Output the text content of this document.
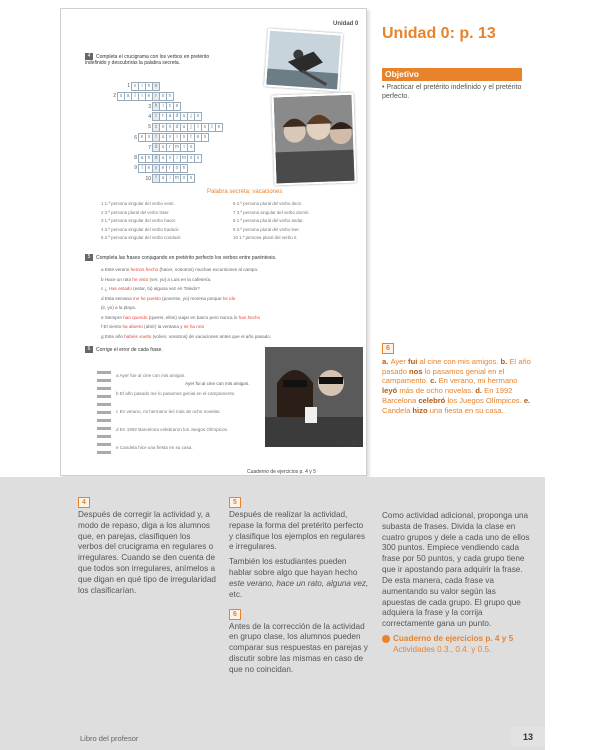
Unidad 0
4 Completa el crucigrama con los verbos en pretérito indefinido y descubrirás la palabra secreta.
1 v	i	n e
2 s a	l	i	e r o n
3 h	i	c e
4 t	r a d u	j	o
5 c o n d u	j	i	s	t e
6 e s	t u v	i	s	t e s
7 d u r m i	o
8 a n d u v	i m o s
9 l	e y e r o n
10 f u	i m o s
Palabra secreta: vacaciones
1 1.ª persona singular del verbo venir.
2 3.ª persona plural del verbo traer.
3 1.ª persona singular del verbo hacer.
4 3.ª persona singular del verbo traducir.
5 2.ª persona singular del verbo conducir.
6 2.ª persona plural del verbo decir.
7 3.ª persona singular del verbo dormir.
8 1.ª persona plural del verbo andar.
9 3.ª persona plural del verbo leer.
10 1.ª persona plural del verbo ir.
5 Completa las frases conjugando en pretérito perfecto los verbos entre paréntesis.
a Este verano hemos hecho (hacer, nosotros) muchas excursiones al campo.
b Hace un rato he visto (ver, yo) a Luis en la cafetería.
c ¿ Has estado (estar, tú) alguna vez en Toledo?
d Esta semana me he puesto (ponerse, yo) morena porque he ido
(ir, yo) a la playa.
e Siempre han querido (querer, ellos) viajar en barco pero nunca lo han hecho
f El viento ha abierto (abrir) la ventana y se ha roto
g Este año habéis vuelto (volver, vosotros) de vacaciones antes que el año pasado.
6 Corrige el error de cada frase.
Ayer fui al cine con mis amigos.
a Ayer fue al cine con mis amigos.
b El año pasado me lo pasamos genial en el campamento.
c En verano, mi hermano leó más de ocho novelas.
d En 1992 Barcelona celebraron los Juegos Olímpicos.
e Candela hice una fiesta en su casa.
Cuaderno de ejercicios p. 4 y 5
trece 13
Unidad 0: p. 13
Objetivo
• Practicar el pretérito indefinido y el pretérito perfecto.
6
a. Ayer fui al cine con mis amigos. b. El año pasado nos lo pasamos genial en el campamento. c. En verano, mi hermano leyó más de ocho novelas. d. En 1992 Barcelona celebró los Juegos Olímpicos. e. Candela hizo una fiesta en su casa.
4

Después de corregir la actividad y, a modo de repaso, diga a los alumnos que, en parejas, clasifiquen los verbos del crucigrama en regulares o irregulares. Cuando se den cuenta de que todos son irregulares, anímelos a que digan en qué tipo de irregularidad los clasificarían.

5

Después de realizar la actividad, repase la forma del pretérito perfecto y clasifique los ejemplos en regulares e irregulares.

También los estudiantes pueden hablar sobre algo que hayan hecho este verano, hace un rato, alguna vez, etc.

6

Antes de la corrección de la actividad en grupo clase, los alumnos pueden comparar sus respuestas en parejas y discutir sobre las mismas en caso de que no coincidan.

Como actividad adicional, proponga una subasta de frases. Divida la clase en cuatro grupos y dele a cada uno de ellos 300 puntos. Empiece vendiendo cada frase por 50 puntos, y cada grupo tiene que ir apostando para adquirir la frase. De esta manera, cada frase va aumentando su valor según las apuestas de cada grupo. El grupo que adquiera la frase y la corrija correctamente gana un punto.

Cuaderno de ejercicios p. 4 y 5
Actividades 0.3., 0.4. y 0.5.
Libro del profesor	13
